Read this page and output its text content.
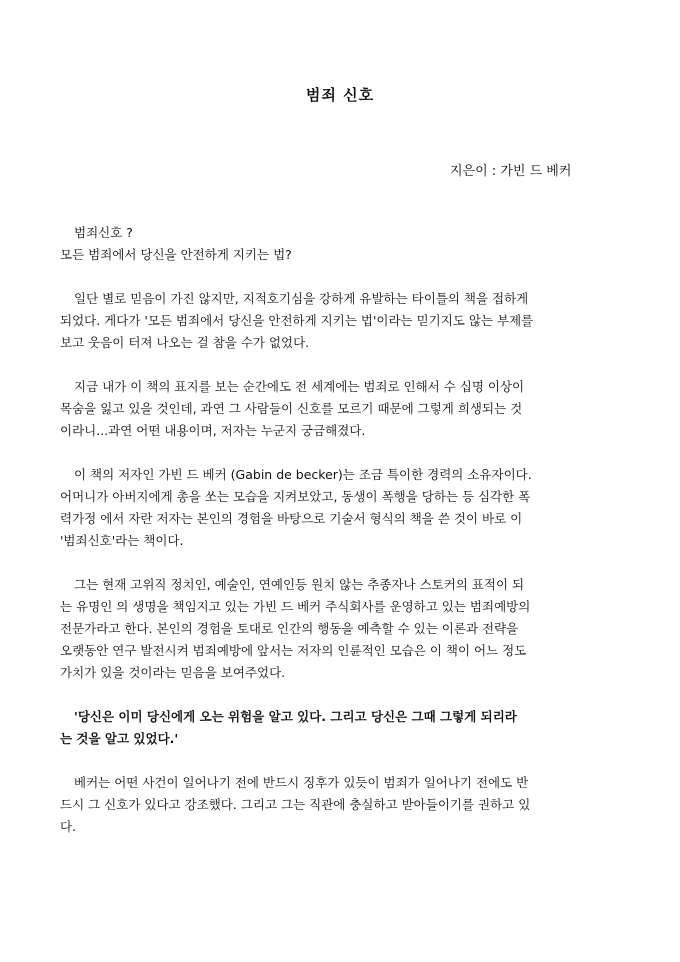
범죄 신호
지은이 : 가빈 드 베커
범죄신호 ?
모든 범죄에서 당신을 안전하게 지키는 법?
일단 별로 믿음이 가진 않지만, 지적호기심을 강하게 유발하는 타이틀의 책을 접하게
되었다. 게다가 '모든 범죄에서 당신을 안전하게 지키는 법'이라는 믿기지도 않는 부제를
보고 웃음이 터져 나오는 걸 참을 수가 없었다.
지금 내가 이 책의 표지를 보는 순간에도 전 세계에는 범죄로 인해서 수 십명 이상이
목숨을 잃고 있을 것인데, 과연 그 사람들이 신호를 모르기 때문에 그렇게 희생되는 것
이라니...과연 어떤 내용이며, 저자는 누군지 궁금해졌다.
이 책의 저자인 가빈 드 베커 (Gabin de becker)는 조금 특이한 경력의 소유자이다.
어머니가 아버지에게 총을 쏘는 모습을 지켜보았고, 동생이 폭행을 당하는 등 심각한 폭
력가정 에서 자란 저자는 본인의 경험을 바탕으로 기술서 형식의 책을 쓴 것이 바로 이
'범죄신호'라는 책이다.
그는 현재 고위직 정치인, 예술인, 연예인등 원치 않는 추종자나 스토커의 표적이 되
는 유명인 의 생명을 책임지고 있는 가빈 드 베커 주식회사를 운영하고 있는 범죄예방의
전문가라고 한다. 본인의 경험을 토대로 인간의 행동을 예측할 수 있는 이론과 전략을
오랫동안 연구 발전시켜 범죄예방에 앞서는 저자의 인륜적인 모습은 이 책이 어느 정도
가치가 있을 것이라는 믿음을 보여주었다.
'당신은 이미 당신에게 오는 위험을 알고 있다. 그리고 당신은 그때 그렇게 되리라
는 것을 알고 있었다.'
베커는 어떤 사건이 일어나기 전에 반드시 징후가 있듯이 범죄가 일어나기 전에도 반
드시 그 신호가 있다고 강조했다. 그리고 그는 직관에 충실하고 받아들이기를 권하고 있
다.
